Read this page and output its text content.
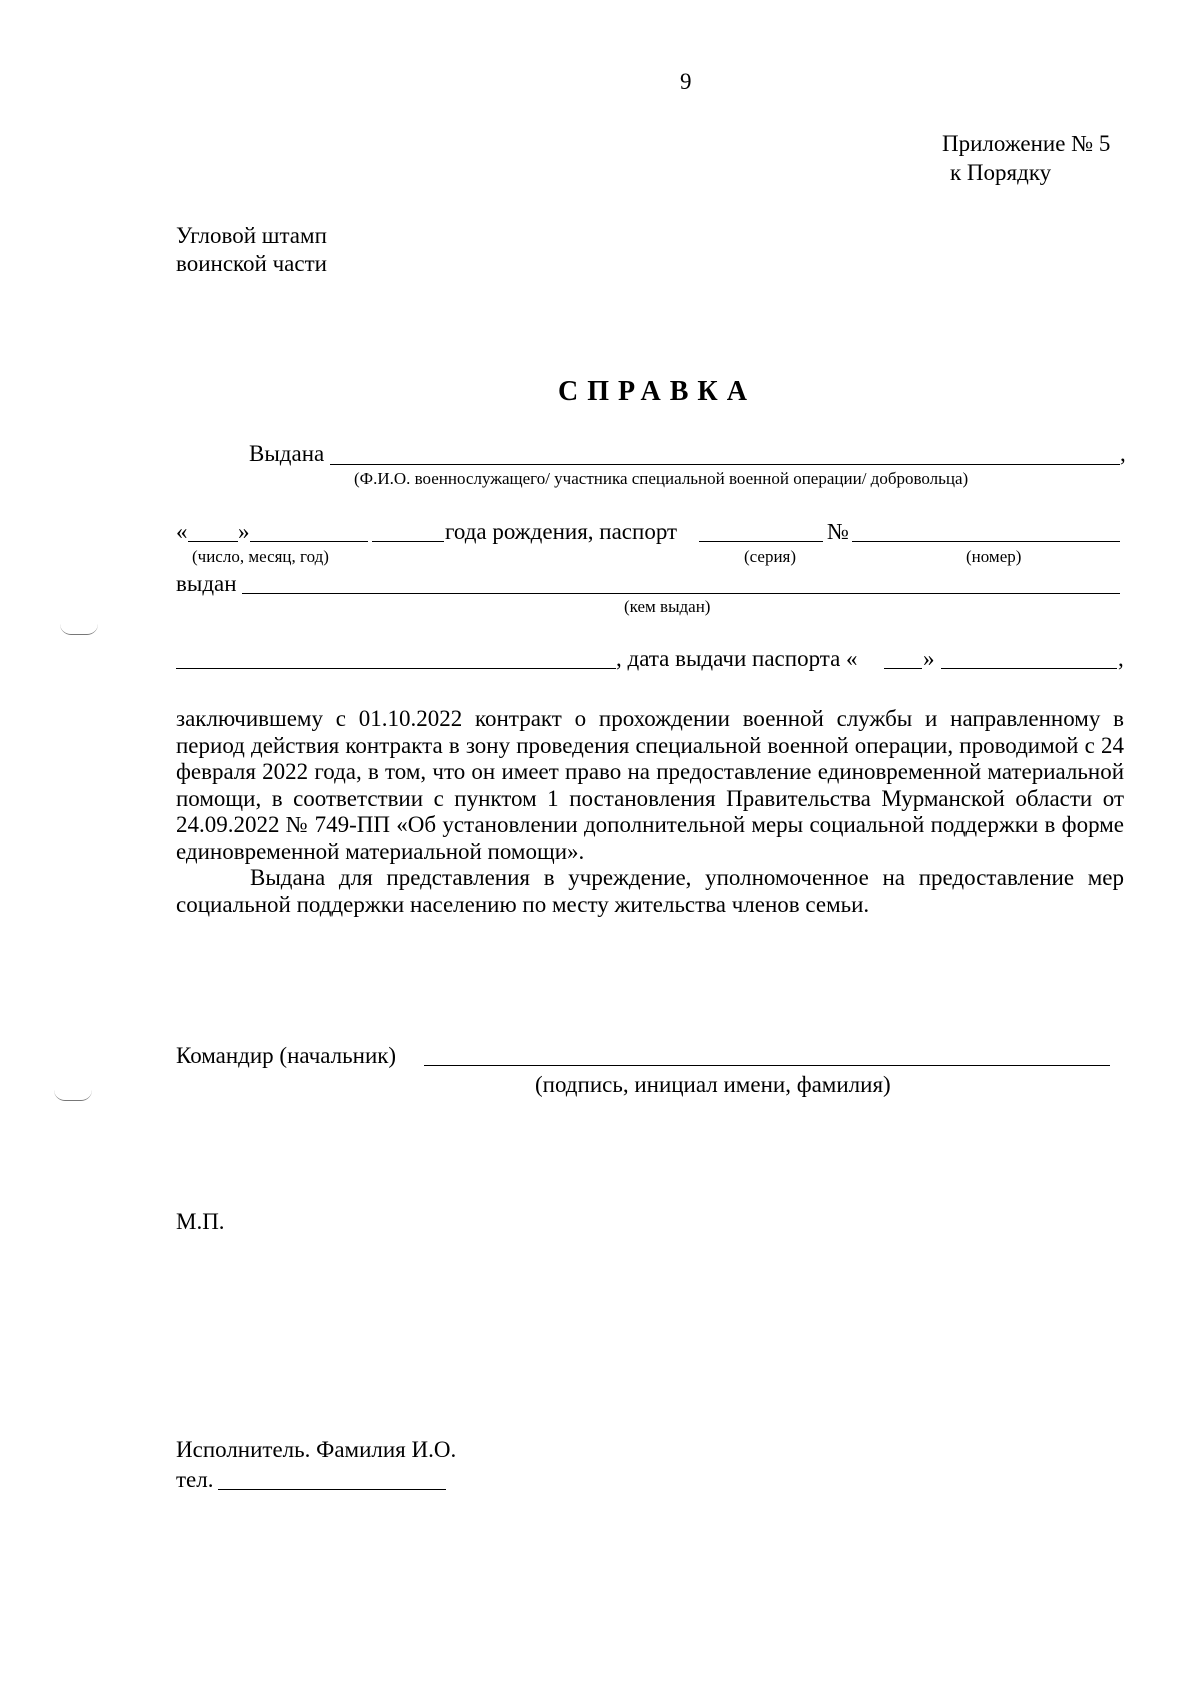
9
Приложение № 5
к Порядку
Угловой штамп
воинской части
СПРАВКА
Выдана	,
(Ф.И.О. военнослужащего/ участника специальной военной операции/ добровольца)
« »	года рождения, паспорт	№
(число, месяц, год)	(серия)	(номер)
выдан
(кем выдан)
, дата выдачи паспорта «	»	,

заключившему с 01.10.2022 контракт о прохождении военной службы и направленному в период действия контракта в зону проведения специальной военной операции, проводимой с 24 февраля 2022 года, в том, что он имеет право на предоставление единовременной материальной помощи, в соответствии с пунктом 1 постановления Правительства Мурманской области от 24.09.2022 № 749-ПП «Об установлении дополнительной меры социальной поддержки в форме единовременной материальной помощи».

Выдана для представления в учреждение, уполномоченное на предоставление мер социальной поддержки населению по месту жительства членов семьи.

Командир (начальник)
(подпись, инициал имени, фамилия)
М.П.
Исполнитель. Фамилия И.О.
тел.
